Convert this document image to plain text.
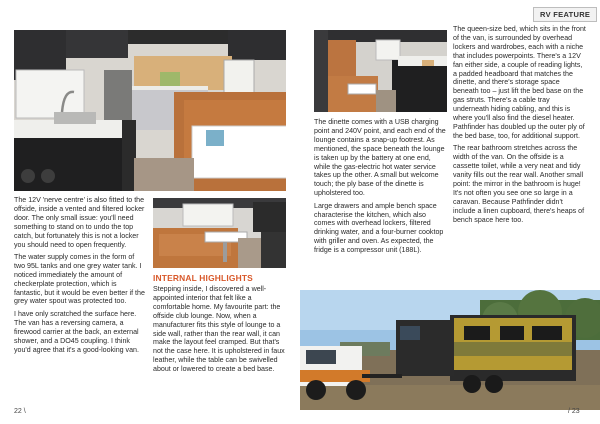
RV FEATURE

The 12V 'nerve centre' is also fitted to the offside, inside a vented and filtered locker door. The only small issue: you'll need something to stand on to undo the top catch, but fortunately this is not a locker you should need to open frequently.

The water supply comes in the form of two 95L tanks and one grey water tank. I noticed immediately the amount of checkerplate protection, which is fantastic, but it would be even better if the grey water spout was protected too.

I have only scratched the surface here. The van has a reversing camera, a firewood carrier at the back, an external shower, and a DO45 coupling. I think you'd agree that it's a good-looking van.

INTERNAL HIGHLIGHTS

Stepping inside, I discovered a well-appointed interior that felt like a comfortable home. My favourite part: the offside club lounge. Now, when a manufacturer fits this style of lounge to a side wall, rather than the rear wall, it can make the layout feel cramped. But that's not the case here. It is upholstered in faux leather, while the table can be swivelled about or lowered to create a bed base.

The dinette comes with a USB charging point and 240V point, and each end of the lounge contains a snap-up footrest. As mentioned, the space beneath the lounge is taken up by the battery at one end, while the gas-electric hot water service takes up the other. A small but welcome touch; the ply base of the dinette is upholstered too.

Large drawers and ample bench space characterise the kitchen, which also comes with overhead lockers, filtered drinking water, and a four-burner cooktop with griller and oven. As expected, the fridge is a compressor unit (188L).

The queen-size bed, which sits in the front of the van, is surrounded by overhead lockers and wardrobes, each with a niche that includes powerpoints. There's a 12V fan either side, a couple of reading lights, a padded headboard that matches the dinette, and there's storage space beneath too – just lift the bed base on the gas struts. There's a cable tray underneath hiding cabling, and this is where you'll also find the diesel heater. Pathfinder has doubled up the outer ply of the bed base, too, for additional support.

The rear bathroom stretches across the width of the van. On the offside is a cassette toilet, while a very neat and tidy vanity fills out the rear wall. Another small point: the mirror in the bathroom is huge! It's not often you see one so large in a caravan. Because Pathfinder didn't include a linen cupboard, there's heaps of bench space here too.

22 \	/ 23
